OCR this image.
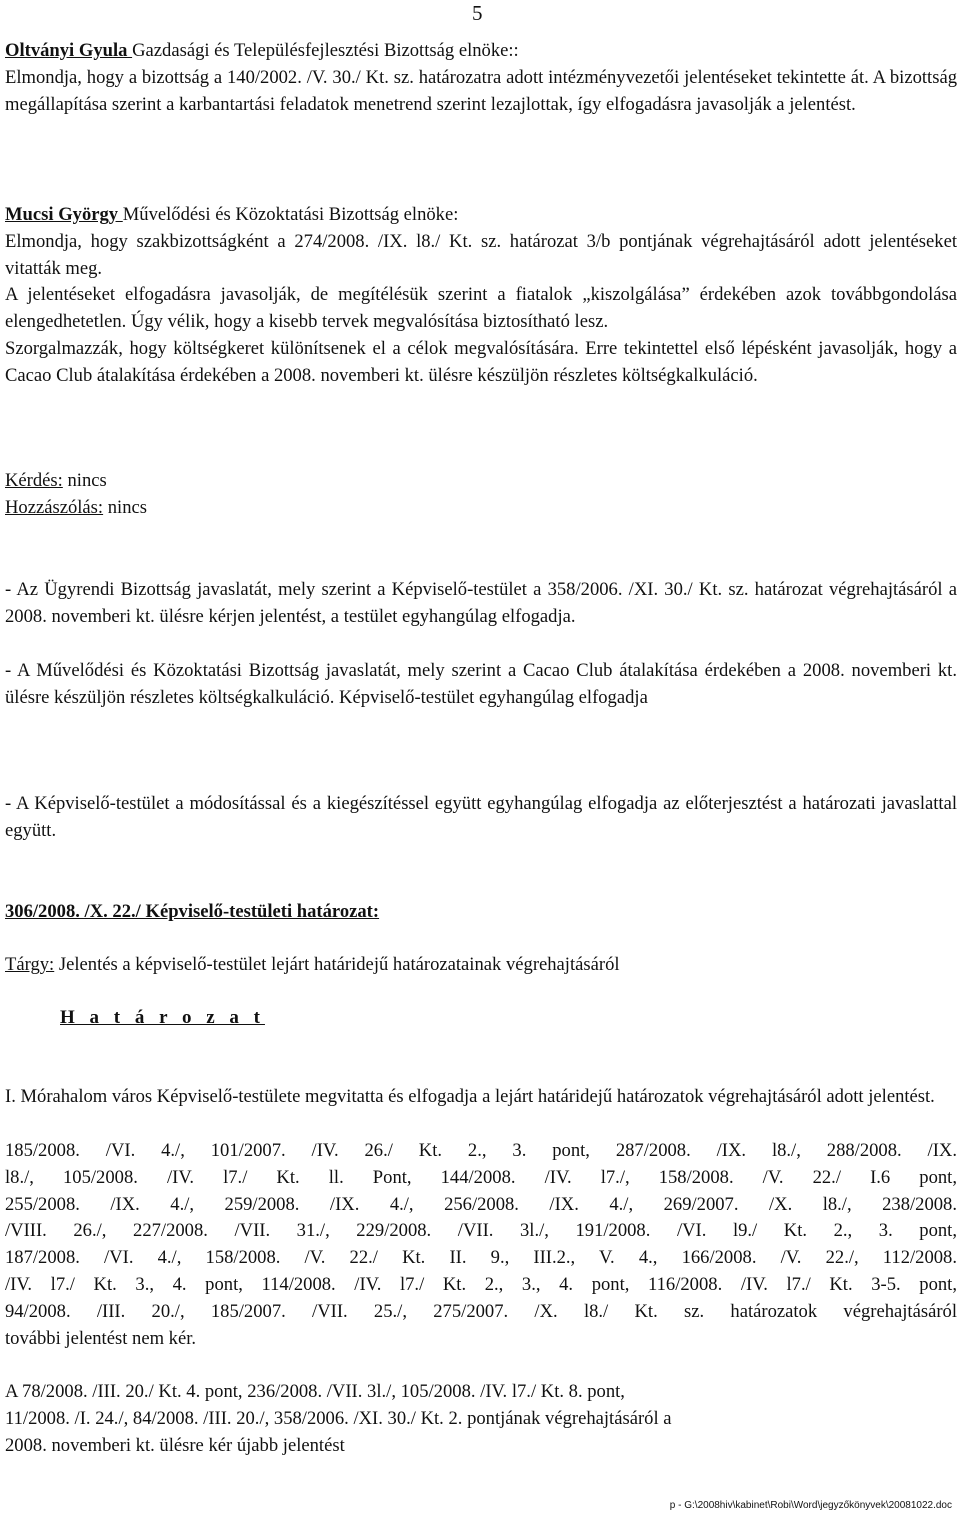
5

Oltványi Gyula Gazdasági és Településfejlesztési Bizottság elnöke::
Elmondja, hogy a bizottság a 140/2002. /V. 30./ Kt. sz. határozatra adott intézményvezetői jelentéseket tekintette át. A bizottság megállapítása szerint a karbantartási feladatok menetrend szerint lezajlottak, így elfogadásra javasolják a jelentést.

Mucsi György Művelődési és Közoktatási Bizottság elnöke:
Elmondja, hogy szakbizottságként a 274/2008. /IX. l8./ Kt. sz. határozat 3/b pontjának végrehajtásáról adott jelentéseket vitatták meg.
A jelentéseket elfogadásra javasolják, de megítélésük szerint a fiatalok „kiszolgálása” érdekében azok továbbgondolása elengedhetetlen. Úgy vélik, hogy a kisebb tervek megvalósítása biztosítható lesz.
Szorgalmazzák, hogy költségkeret különítsenek el a célok megvalósítására. Erre tekintettel első lépésként javasolják, hogy a Cacao Club átalakítása érdekében a 2008. novemberi kt. ülésre készüljön részletes költségkalkuláció.

Kérdés: nincs
Hozzászólás: nincs

- Az Ügyrendi Bizottság javaslatát, mely szerint a Képviselő-testület a 358/2006. /XI. 30./ Kt. sz. határozat végrehajtásáról a 2008. novemberi kt. ülésre kérjen jelentést, a testület egyhangúlag elfogadja.

- A Művelődési és Közoktatási Bizottság javaslatát, mely szerint a Cacao Club átalakítása érdekében a 2008. novemberi kt. ülésre készüljön részletes költségkalkuláció. Képviselő-testület egyhangúlag elfogadja

- A Képviselő-testület a módosítással és a kiegészítéssel együtt egyhangúlag elfogadja az előterjesztést a határozati javaslattal együtt.

306/2008. /X. 22./ Képviselő-testületi határozat:

Tárgy: Jelentés a képviselő-testület lejárt határidejű határozatainak végrehajtásáról

H a t á r o z a t

I. Mórahalom város Képviselő-testülete megvitatta és elfogadja a lejárt határidejű határozatok végrehajtásáról adott jelentést.

185/2008. /VI. 4./, 101/2007. /IV. 26./ Kt. 2., 3. pont, 287/2008. /IX. l8./, 288/2008. /IX.
l8./, 105/2008. /IV. l7./ Kt. ll. Pont, 144/2008. /IV. l7./, 158/2008. /V. 22./ I.6 pont,
255/2008. /IX. 4./, 259/2008. /IX. 4./, 256/2008. /IX. 4./, 269/2007. /X. l8./, 238/2008.
/VIII. 26./, 227/2008. /VII. 31./, 229/2008. /VII. 3l./, 191/2008. /VI. l9./ Kt. 2., 3. pont,
187/2008. /VI. 4./, 158/2008. /V. 22./ Kt. II. 9., III.2., V. 4., 166/2008. /V. 22./, 112/2008.
/IV. l7./ Kt. 3., 4. pont, 114/2008. /IV. l7./ Kt. 2., 3., 4. pont, 116/2008. /IV. l7./ Kt. 3-5. pont,
94/2008. /III. 20./, 185/2007. /VII. 25./, 275/2007. /X. l8./ Kt. sz. határozatok végrehajtásáról
további jelentést nem kér.
A 78/2008. /III. 20./ Kt. 4. pont, 236/2008. /VII. 3l./, 105/2008. /IV. l7./ Kt. 8. pont,
11/2008. /I. 24./, 84/2008. /III. 20./, 358/2006. /XI. 30./ Kt. 2. pontjának végrehajtásáról a
2008. novemberi kt. ülésre kér újabb jelentést
p - G:\2008hiv\kabinet\Robi\Word\jegyzőkönyvek\20081022.doc
